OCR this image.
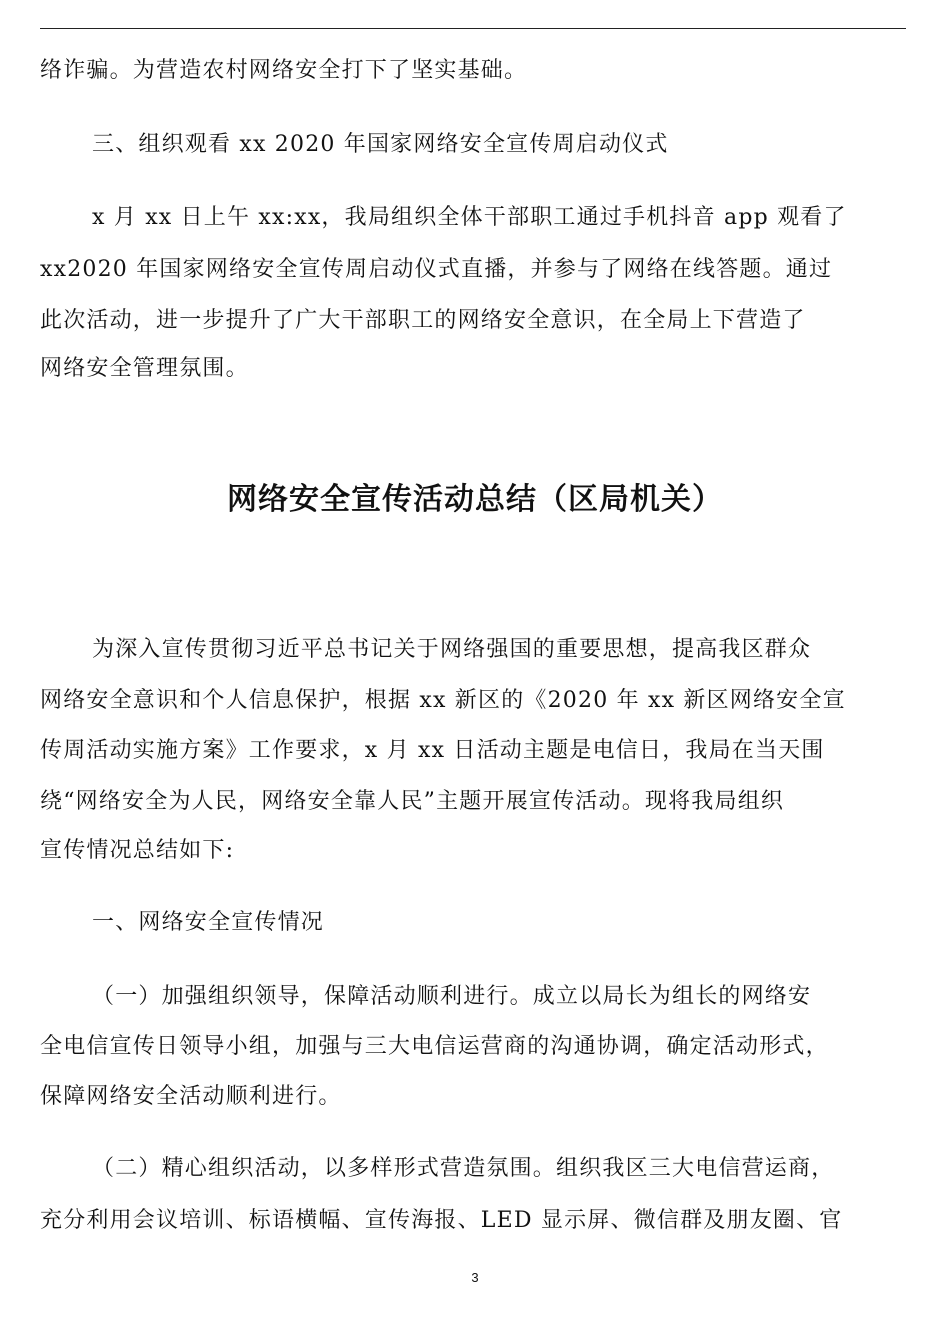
络诈骗。为营造农村网络安全打下了坚实基础。
三、组织观看 xx 2020 年国家网络安全宣传周启动仪式
x 月 xx 日上午 xx:xx，我局组织全体干部职工通过手机抖音 app 观看了
xx2020 年国家网络安全宣传周启动仪式直播，并参与了网络在线答题。通过
此次活动，进一步提升了广大干部职工的网络安全意识，在全局上下营造了
网络安全管理氛围。
网络安全宣传活动总结（区局机关）
为深入宣传贯彻习近平总书记关于网络强国的重要思想，提高我区群众
网络安全意识和个人信息保护，根据 xx 新区的《2020 年 xx 新区网络安全宣
传周活动实施方案》工作要求，x 月 xx 日活动主题是电信日，我局在当天围
绕“网络安全为人民，网络安全靠人民”主题开展宣传活动。现将我局组织
宣传情况总结如下:
一、网络安全宣传情况
（一）加强组织领导，保障活动顺利进行。成立以局长为组长的网络安
全电信宣传日领导小组，加强与三大电信运营商的沟通协调，确定活动形式，
保障网络安全活动顺利进行。
（二）精心组织活动，以多样形式营造氛围。组织我区三大电信营运商，
充分利用会议培训、标语横幅、宣传海报、LED 显示屏、微信群及朋友圈、官
3
